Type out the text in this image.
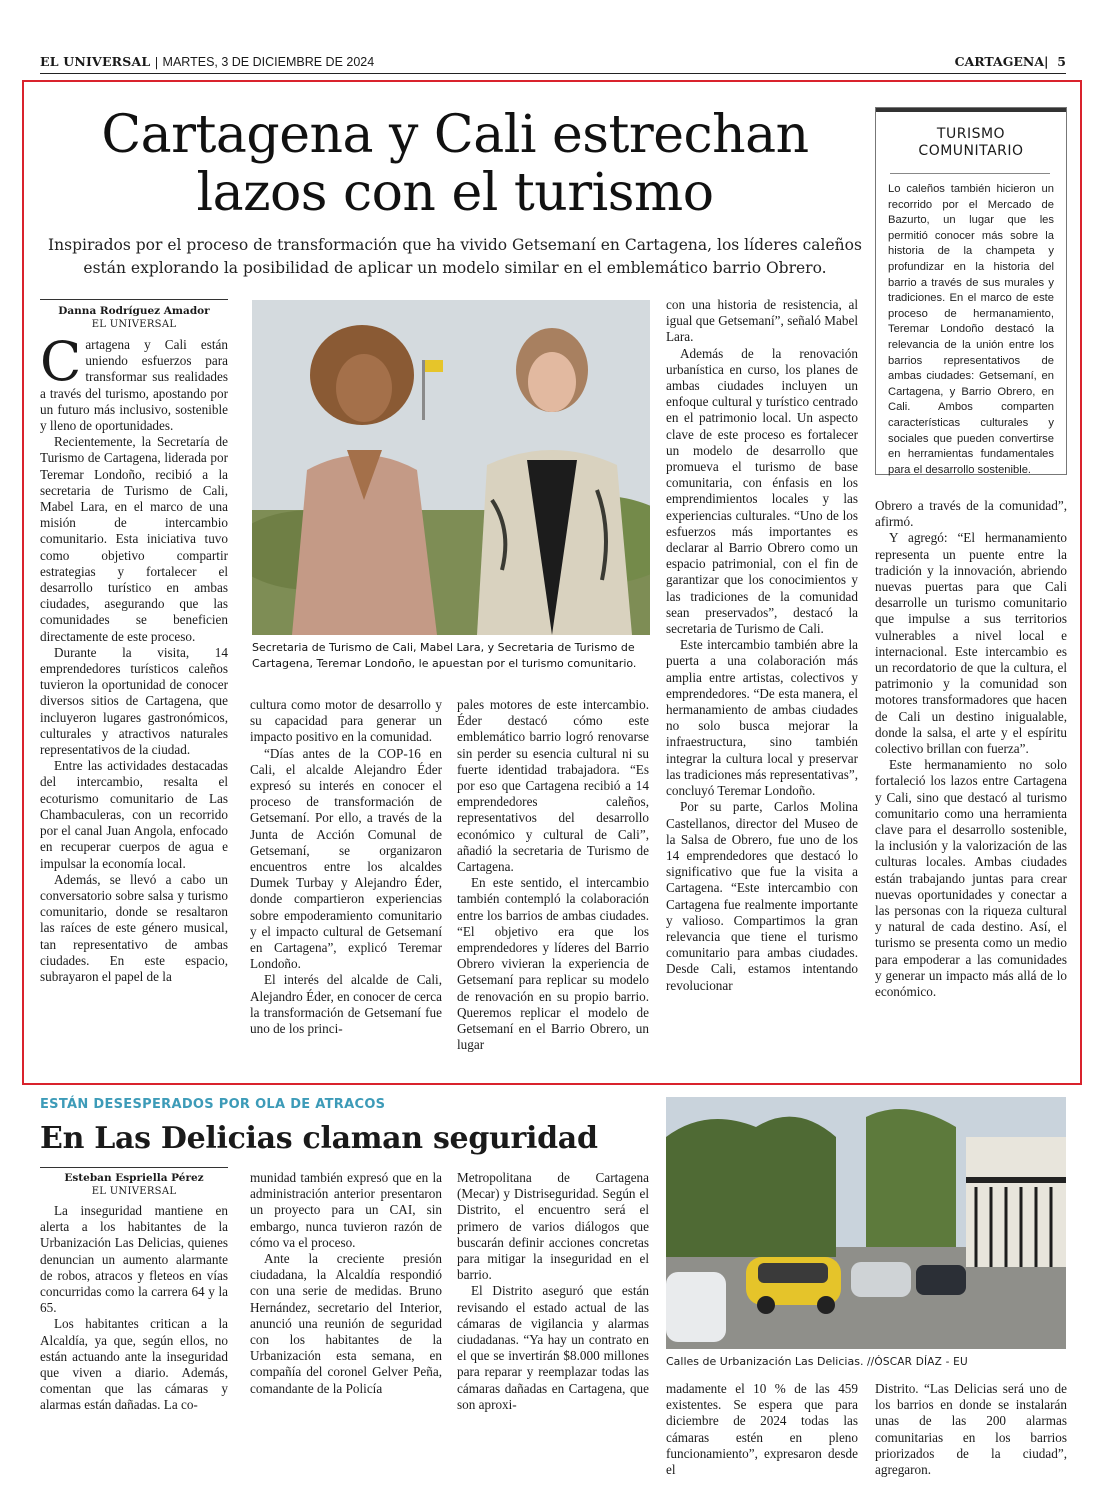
EL UNIVERSAL | MARTES, 3 DE DICIEMBRE DE 2024	CARTAGENA|  5
Cartagena y Cali estrechan lazos con el turismo
Inspirados por el proceso de transformación que ha vivido Getsemaní en Cartagena, los líderes caleños están explorando la posibilidad de aplicar un modelo similar en el emblemático barrio Obrero.
Danna Rodríguez Amador
EL UNIVERSAL

Cartagena y Cali están uniendo esfuerzos para transformar sus realidades a través del turismo, apostando por un futuro más inclusivo, sostenible y lleno de oportunidades.

Recientemente, la Secretaría de Turismo de Cartagena, liderada por Teremar Londoño, recibió a la secretaria de Turismo de Cali, Mabel Lara, en el marco de una misión de intercambio comunitario. Esta iniciativa tuvo como objetivo compartir estrategias y fortalecer el desarrollo turístico en ambas ciudades, asegurando que las comunidades se beneficien directamente de este proceso.

Durante la visita, 14 emprendedores turísticos caleños tuvieron la oportunidad de conocer diversos sitios de Cartagena, que incluyeron lugares gastronómicos, culturales y atractivos naturales representativos de la ciudad.

Entre las actividades destacadas del intercambio, resalta el ecoturismo comunitario de Las Chambaculeras, con un recorrido por el canal Juan Angola, enfocado en recuperar cuerpos de agua e impulsar la economía local.

Además, se llevó a cabo un conversatorio sobre salsa y turismo comunitario, donde se resaltaron las raíces de este género musical, tan representativo de ambas ciudades. En este espacio, subrayaron el papel de la

Secretaria de Turismo de Cali, Mabel Lara, y Secretaria de Turismo de Cartagena, Teremar Londoño, le apuestan por el turismo comunitario.

cultura como motor de desarrollo y su capacidad para generar un impacto positivo en la comunidad.

“Días antes de la COP-16 en Cali, el alcalde Alejandro Éder expresó su interés en conocer el proceso de transformación de Getsemaní. Por ello, a través de la Junta de Acción Comunal de Getsemaní, se organizaron encuentros entre los alcaldes Dumek Turbay y Alejandro Éder, donde compartieron experiencias sobre empoderamiento comunitario y el impacto cultural de Getsemaní en Cartagena”, explicó Teremar Londoño.

El interés del alcalde de Cali, Alejandro Éder, en conocer de cerca la transformación de Getsemaní fue uno de los princi-

pales motores de este intercambio. Éder destacó cómo este emblemático barrio logró renovarse sin perder su esencia cultural ni su fuerte identidad trabajadora. “Es por eso que Cartagena recibió a 14 emprendedores caleños, representativos del desarrollo económico y cultural de Cali”, añadió la secretaria de Turismo de Cartagena.

En este sentido, el intercambio también contempló la colaboración entre los barrios de ambas ciudades. “El objetivo era que los emprendedores y líderes del Barrio Obrero vivieran la experiencia de Getsemaní para replicar su modelo de renovación en su propio barrio. Queremos replicar el modelo de Getsemaní en el Barrio Obrero, un lugar

con una historia de resistencia, al igual que Getsemaní”, señaló Mabel Lara.

Además de la renovación urbanística en curso, los planes de ambas ciudades incluyen un enfoque cultural y turístico centrado en el patrimonio local. Un aspecto clave de este proceso es fortalecer un modelo de desarrollo que promueva el turismo de base comunitaria, con énfasis en los emprendimientos locales y las experiencias culturales. “Uno de los esfuerzos más importantes es declarar al Barrio Obrero como un espacio patrimonial, con el fin de garantizar que los conocimientos y las tradiciones de la comunidad sean preservados”, destacó la secretaria de Turismo de Cali.

Este intercambio también abre la puerta a una colaboración más amplia entre artistas, colectivos y emprendedores. “De esta manera, el hermanamiento de ambas ciudades no solo busca mejorar la infraestructura, sino también integrar la cultura local y preservar las tradiciones más representativas”, concluyó Teremar Londoño.

Por su parte, Carlos Molina Castellanos, director del Museo de la Salsa de Obrero, fue uno de los 14 emprendedores que destacó lo significativo que fue la visita a Cartagena. “Este intercambio con Cartagena fue realmente importante y valioso. Compartimos la gran relevancia que tiene el turismo comunitario para ambas ciudades. Desde Cali, estamos intentando revolucionar

Obrero a través de la comunidad”, afirmó.

Y agregó: “El hermanamiento representa un puente entre la tradición y la innovación, abriendo nuevas puertas para que Cali desarrolle un turismo comunitario que impulse a sus territorios vulnerables a nivel local e internacional. Este intercambio es un recordatorio de que la cultura, el patrimonio y la comunidad son motores transformadores que hacen de Cali un destino inigualable, donde la salsa, el arte y el espíritu colectivo brillan con fuerza”.

Este hermanamiento no solo fortaleció los lazos entre Cartagena y Cali, sino que destacó al turismo comunitario como una herramienta clave para el desarrollo sostenible, la inclusión y la valorización de las culturas locales. Ambas ciudades están trabajando juntas para crear nuevas oportunidades y conectar a las personas con la riqueza cultural y natural de cada destino. Así, el turismo se presenta como un medio para empoderar a las comunidades y generar un impacto más allá de lo económico.

TURISMO
COMUNITARIO
Lo caleños también hicieron un recorrido por el Mercado de Bazurto, un lugar que les permitió conocer más sobre la historia de la champeta y profundizar en la historia del barrio a través de sus murales y tradiciones. En el marco de este proceso de hermanamiento, Teremar Londoño destacó la relevancia de la unión entre los barrios representativos de ambas ciudades: Getsemaní, en Cartagena, y Barrio Obrero, en Cali. Ambos comparten características culturales y sociales que pueden convertirse en herramientas fundamentales para el desarrollo sostenible.
ESTÁN DESESPERADOS POR OLA DE ATRACOS
En Las Delicias claman seguridad
Esteban Espriella Pérez
EL UNIVERSAL

La inseguridad mantiene en alerta a los habitantes de la Urbanización Las Delicias, quienes denuncian un aumento alarmante de robos, atracos y fleteos en vías concurridas como la carrera 64 y la 65.

Los habitantes critican a la Alcaldía, ya que, según ellos, no están actuando ante la inseguridad que viven a diario. Además, comentan que las cámaras y alarmas están dañadas. La co-

munidad también expresó que en la administración anterior presentaron un proyecto para un CAI, sin embargo, nunca tuvieron razón de cómo va el proceso.

Ante la creciente presión ciudadana, la Alcaldía respondió con una serie de medidas. Bruno Hernández, secretario del Interior, anunció una reunión de seguridad con los habitantes de la Urbanización esta semana, en compañía del coronel Gelver Peña, comandante de la Policía

Metropolitana de Cartagena (Mecar) y Distriseguridad. Según el Distrito, el encuentro será el primero de varios diálogos que buscarán definir acciones concretas para mitigar la inseguridad en el barrio.

El Distrito aseguró que están revisando el estado actual de las cámaras de vigilancia y alarmas ciudadanas. “Ya hay un contrato en el que se invertirán $8.000 millones para reparar y reemplazar todas las cámaras dañadas en Cartagena, que son aproxi-

Calles de Urbanización Las Delicias. //ÓSCAR DÍAZ - EU

madamente el 10 % de las 459 existentes. Se espera que para diciembre de 2024 todas las cámaras estén en pleno funcionamiento”, expresaron desde el

Distrito. “Las Delicias será uno de los barrios en donde se instalarán unas de las 200 alarmas comunitarias en los barrios priorizados de la ciudad”, agregaron.
